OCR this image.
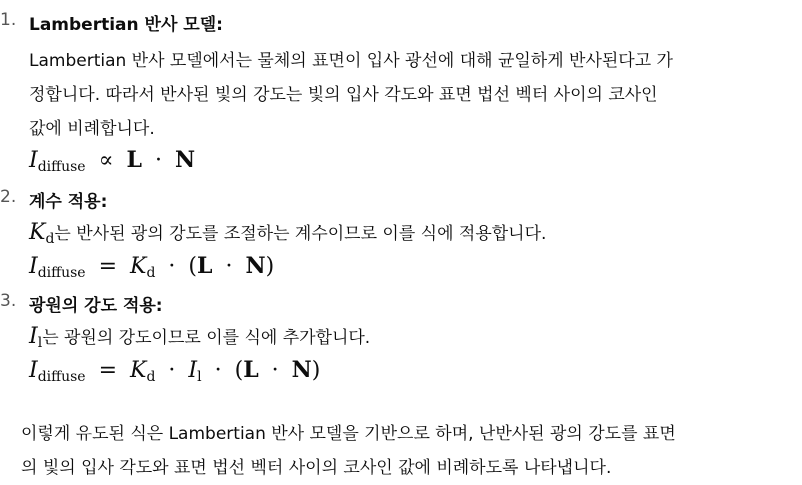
1. Lambertian 반사 모델:
Lambertian 반사 모델에서는 물체의 표면이 입사 광선에 대해 균일하게 반사된다고 가
정합니다. 따라서 반사된 빛의 강도는 빛의 입사 각도와 표면 법선 벡터 사이의 코사인
값에 비례합니다.
$I_{diffuse} \propto L \cdot N$
2. 계수 적용:
$K_d$는 반사된 광의 강도를 조절하는 계수이므로 이를 식에 적용합니다.
$I_{diffuse} = K_d \cdot (L \cdot N)$
3. 광원의 강도 적용:
$I_l$는 광원의 강도이므로 이를 식에 추가합니다.
$I_{diffuse} = K_d \cdot I_l \cdot (L \cdot N)$
이렇게 유도된 식은 Lambertian 반사 모델을 기반으로 하며, 난반사된 광의 강도를 표면
의 빛의 입사 각도와 표면 법선 벡터 사이의 코사인 값에 비례하도록 나타냅니다.
